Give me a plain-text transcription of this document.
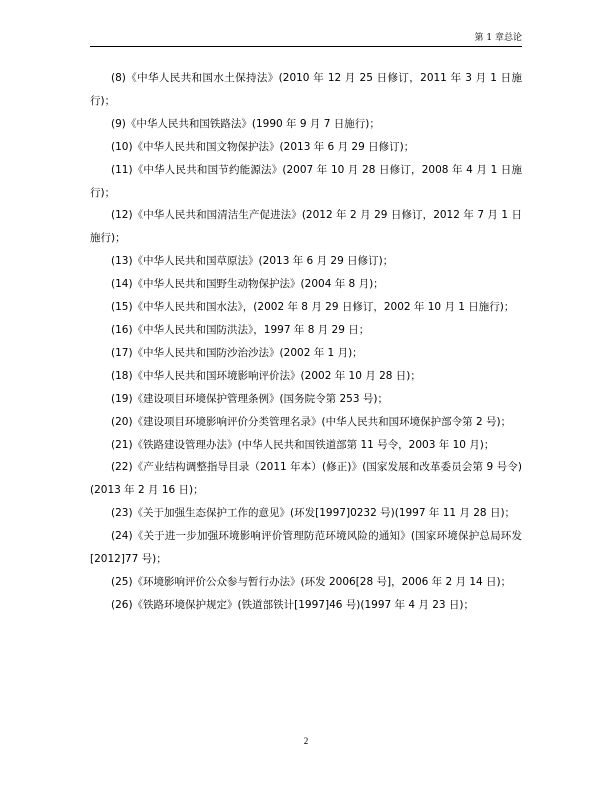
第 1 章总论

(8)《中华人民共和国水土保持法》(2010 年 12 月 25 日修订，2011 年 3 月 1 日施行)；

(9)《中华人民共和国铁路法》(1990 年 9 月 7 日施行)；

(10)《中华人民共和国文物保护法》(2013 年 6 月 29 日修订)；

(11)《中华人民共和国节约能源法》(2007 年 10 月 28 日修订，2008 年 4 月 1 日施行)；

(12)《中华人民共和国清洁生产促进法》(2012 年 2 月 29 日修订，2012 年 7 月 1 日施行)；

(13)《中华人民共和国草原法》(2013 年 6 月 29 日修订)；

(14)《中华人民共和国野生动物保护法》(2004 年 8 月)；

(15)《中华人民共和国水法》，(2002 年 8 月 29 日修订，2002 年 10 月 1 日施行)；

(16)《中华人民共和国防洪法》，1997 年 8 月 29 日；

(17)《中华人民共和国防沙治沙法》(2002 年 1 月)；

(18)《中华人民共和国环境影响评价法》(2002 年 10 月 28 日)；

(19)《建设项目环境保护管理条例》(国务院令第 253 号)；

(20)《建设项目环境影响评价分类管理名录》(中华人民共和国环境保护部令第 2 号)；

(21)《铁路建设管理办法》(中华人民共和国铁道部第 11 号令，2003 年 10 月)；

(22)《产业结构调整指导目录（2011 年本）(修正)》(国家发展和改革委员会第 9 号令)(2013 年 2 月 16 日)；

(23)《关于加强生态保护工作的意见》(环发[1997]0232 号)(1997 年 11 月 28 日)；

(24)《关于进一步加强环境影响评价管理防范环境风险的通知》(国家环境保护总局环发[2012]77 号)；

(25)《环境影响评价公众参与暂行办法》(环发 2006[28 号]，2006 年 2 月 14 日)；

(26)《铁路环境保护规定》(铁道部铁计[1997]46 号)(1997 年 4 月 23 日)；

2
